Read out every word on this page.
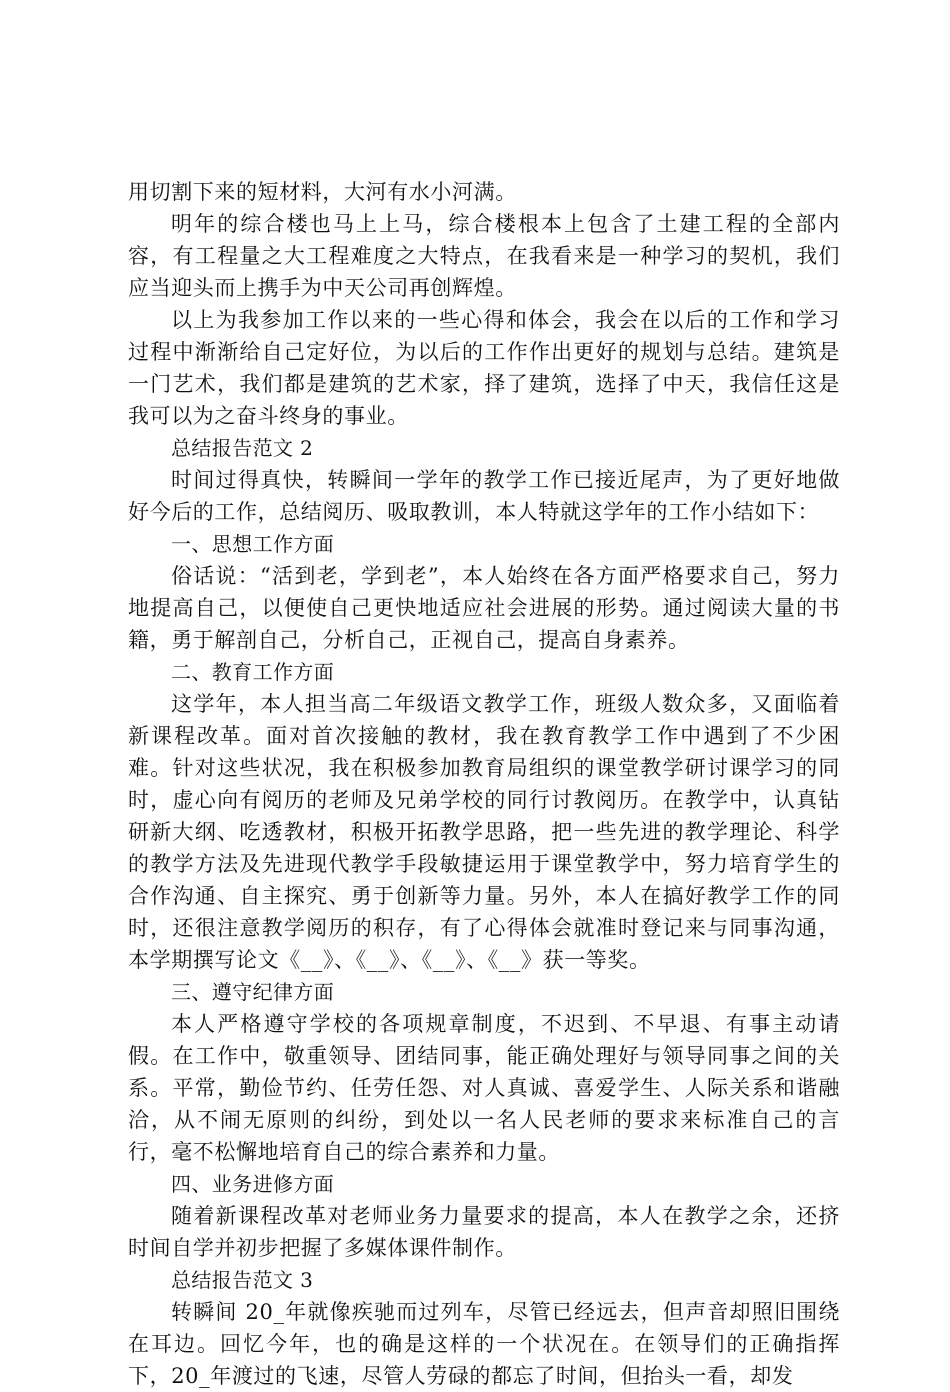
用切割下来的短材料，大河有水小河满。

明年的综合楼也马上上马，综合楼根本上包含了土建工程的全部内容，有工程量之大工程难度之大特点，在我看来是一种学习的契机，我们应当迎头而上携手为中天公司再创辉煌。

以上为我参加工作以来的一些心得和体会，我会在以后的工作和学习过程中渐渐给自己定好位，为以后的工作作出更好的规划与总结。建筑是一门艺术，我们都是建筑的艺术家，择了建筑，选择了中天，我信任这是我可以为之奋斗终身的事业。

总结报告范文 2

时间过得真快，转瞬间一学年的教学工作已接近尾声，为了更好地做好今后的工作，总结阅历、吸取教训，本人特就这学年的工作小结如下：

一、思想工作方面

俗话说：“活到老，学到老”，本人始终在各方面严格要求自己，努力地提高自己，以便使自己更快地适应社会进展的形势。通过阅读大量的书籍，勇于解剖自己，分析自己，正视自己，提高自身素养。

二、教育工作方面

这学年，本人担当高二年级语文教学工作，班级人数众多，又面临着新课程改革。面对首次接触的教材，我在教育教学工作中遇到了不少困难。针对这些状况，我在积极参加教育局组织的课堂教学研讨课学习的同时，虚心向有阅历的老师及兄弟学校的同行讨教阅历。在教学中，认真钻研新大纲、吃透教材，积极开拓教学思路，把一些先进的教学理论、科学的教学方法及先进现代教学手段敏捷运用于课堂教学中，努力培育学生的合作沟通、自主探究、勇于创新等力量。另外，本人在搞好教学工作的同时，还很注意教学阅历的积存，有了心得体会就准时登记来与同事沟通，本学期撰写论文《__》、《__》、《__》、《__》获一等奖。

三、遵守纪律方面

本人严格遵守学校的各项规章制度，不迟到、不早退、有事主动请假。在工作中，敬重领导、团结同事，能正确处理好与领导同事之间的关系。平常，勤俭节约、任劳任怨、对人真诚、喜爱学生、人际关系和谐融洽，从不闹无原则的纠纷，到处以一名人民老师的要求来标准自己的言行，毫不松懈地培育自己的综合素养和力量。

四、业务进修方面

随着新课程改革对老师业务力量要求的提高，本人在教学之余，还挤时间自学并初步把握了多媒体课件制作。

总结报告范文 3

转瞬间 20_年就像疾驰而过列车，尽管已经远去，但声音却照旧围绕在耳边。回忆今年，也的确是这样的一个状况在。在领导们的正确指挥下，20_年渡过的飞速，尽管人劳碌的都忘了时间，但抬头一看，却发
